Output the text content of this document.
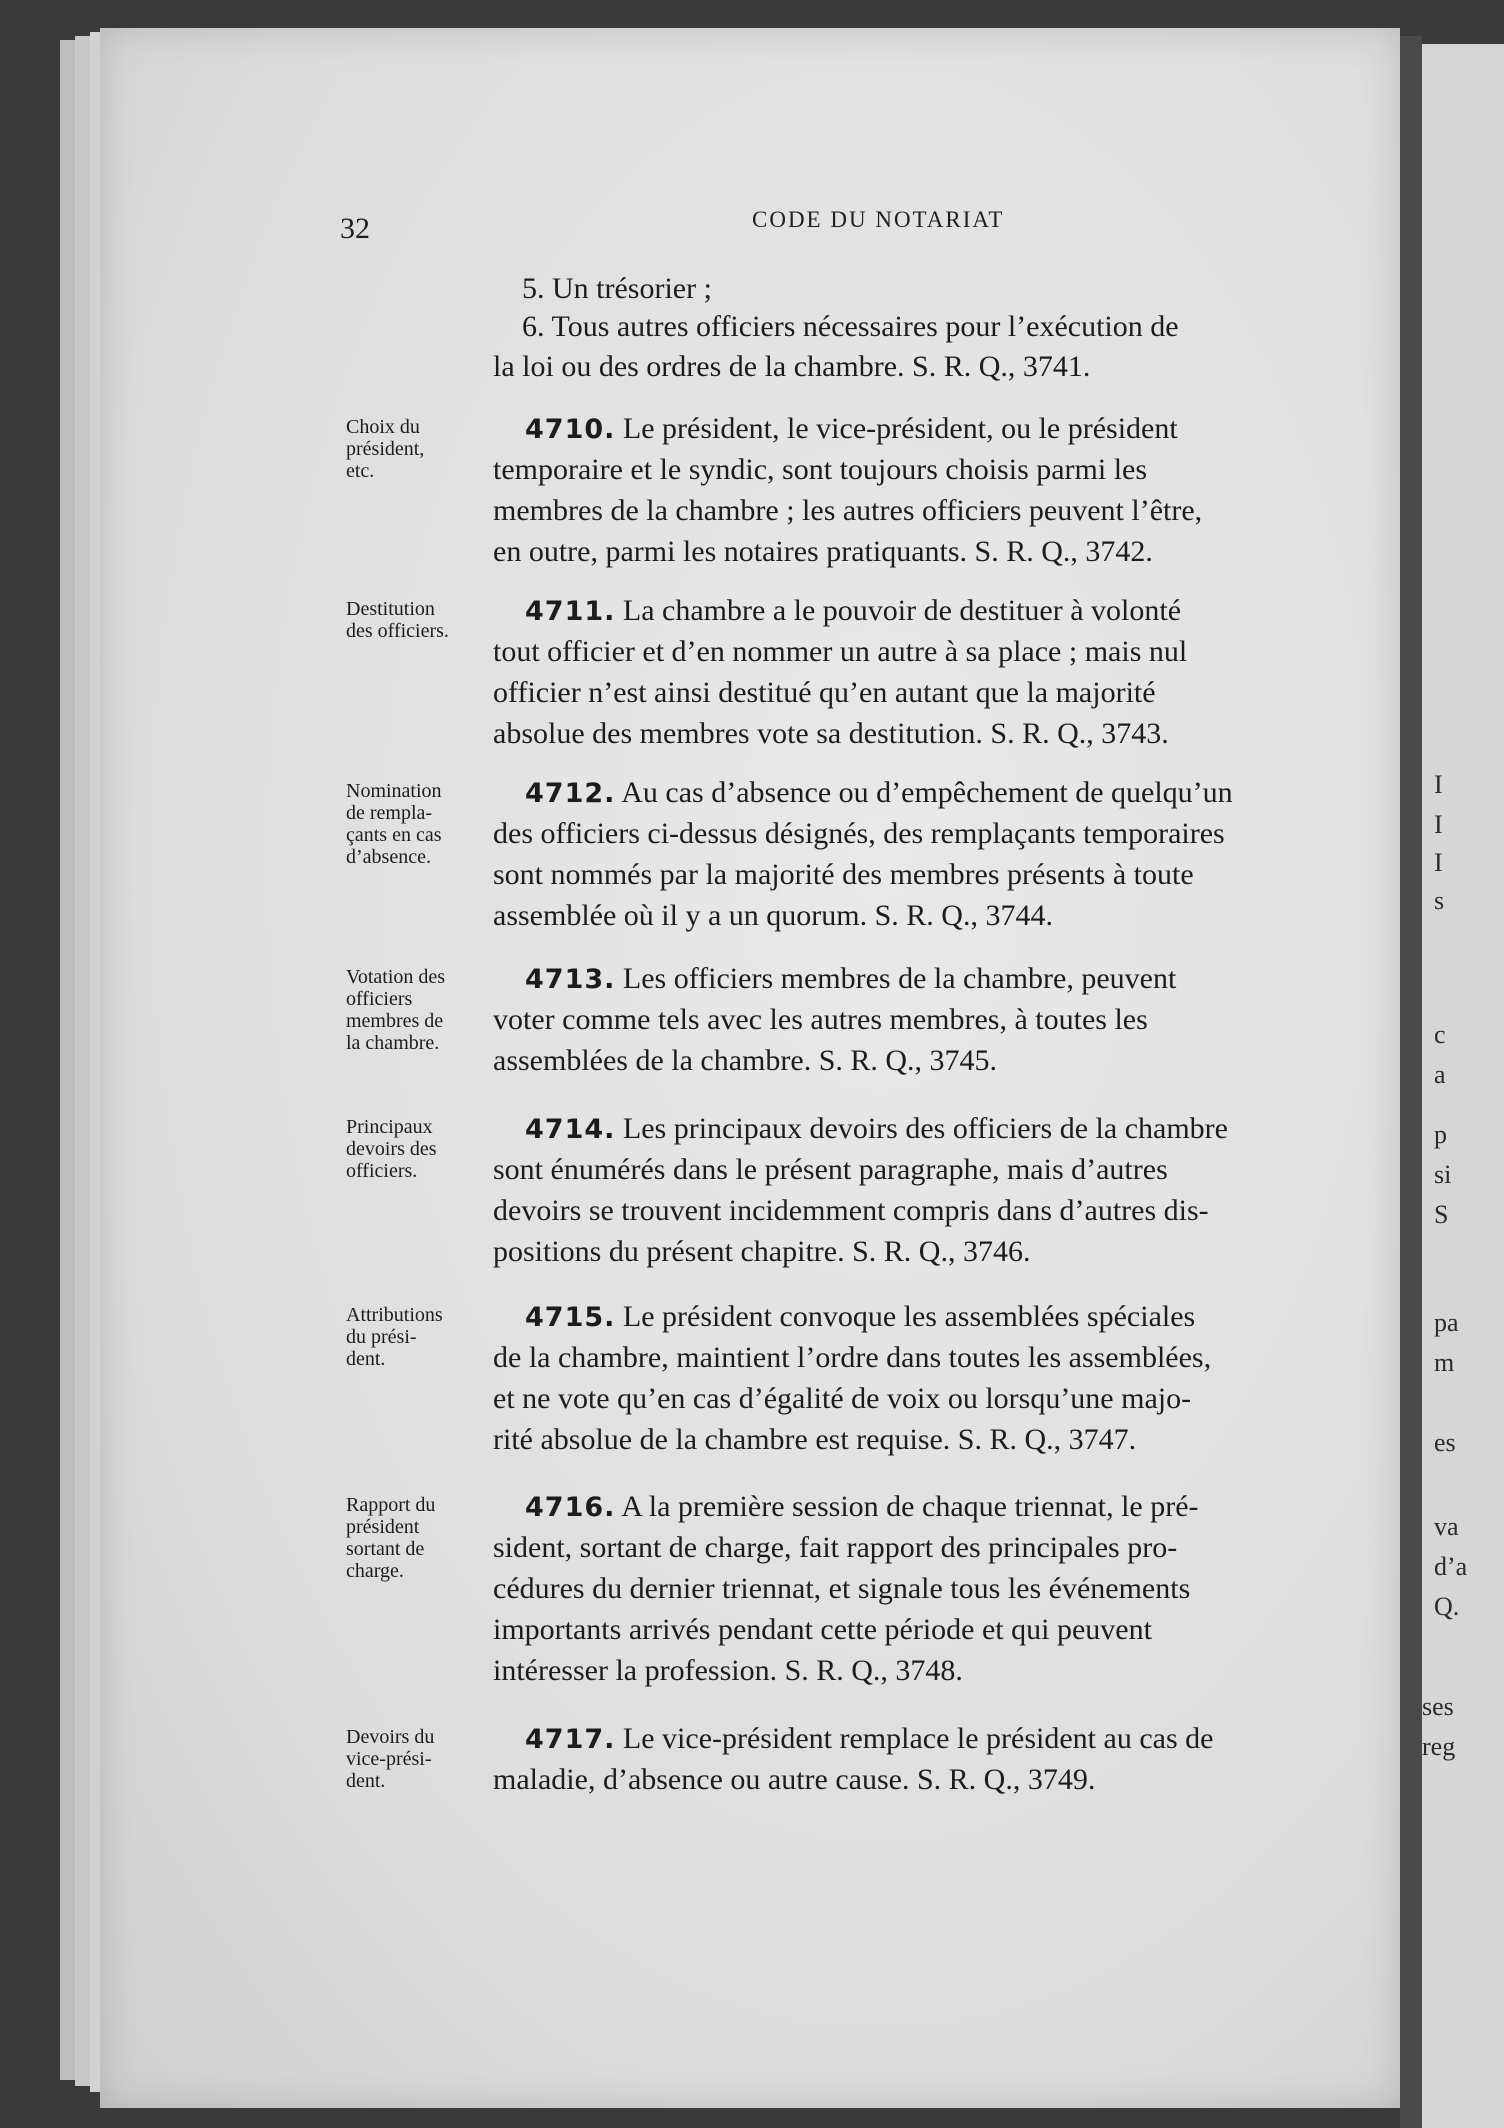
I
I
I
s
c
a
p
si
S
pa
m
es
va
d’a
Q.
ses
reg
32	CODE DU NOTARIAT
5. Un trésorier ;
6. Tous autres officiers nécessaires pour l’exécution de
la loi ou des ordres de la chambre. S. R. Q., 3741.
Choix du
président,
etc.
4710. Le président, le vice-président, ou le président
temporaire et le syndic, sont toujours choisis parmi les
membres de la chambre ; les autres officiers peuvent l’être,
en outre, parmi les notaires pratiquants. S. R. Q., 3742.
Destitution
des officiers.
4711. La chambre a le pouvoir de destituer à volonté
tout officier et d’en nommer un autre à sa place ; mais nul
officier n’est ainsi destitué qu’en autant que la majorité
absolue des membres vote sa destitution. S. R. Q., 3743.
Nomination
de rempla-
çants en cas
d’absence.
4712. Au cas d’absence ou d’empêchement de quelqu’un
des officiers ci-dessus désignés, des remplaçants temporaires
sont nommés par la majorité des membres présents à toute
assemblée où il y a un quorum. S. R. Q., 3744.
Votation des
officiers
membres de
la chambre.
4713. Les officiers membres de la chambre, peuvent
voter comme tels avec les autres membres, à toutes les
assemblées de la chambre. S. R. Q., 3745.
Principaux
devoirs des
officiers.
4714. Les principaux devoirs des officiers de la chambre
sont énumérés dans le présent paragraphe, mais d’autres
devoirs se trouvent incidemment compris dans d’autres dis-
positions du présent chapitre. S. R. Q., 3746.
Attributions
du prési-
dent.
4715. Le président convoque les assemblées spéciales
de la chambre, maintient l’ordre dans toutes les assemblées,
et ne vote qu’en cas d’égalité de voix ou lorsqu’une majo-
rité absolue de la chambre est requise. S. R. Q., 3747.
Rapport du
président
sortant de
charge.
4716. A la première session de chaque triennat, le pré-
sident, sortant de charge, fait rapport des principales pro-
cédures du dernier triennat, et signale tous les événements
importants arrivés pendant cette période et qui peuvent
intéresser la profession. S. R. Q., 3748.
Devoirs du
vice-prési-
dent.
4717. Le vice-président remplace le président au cas de
maladie, d’absence ou autre cause. S. R. Q., 3749.
